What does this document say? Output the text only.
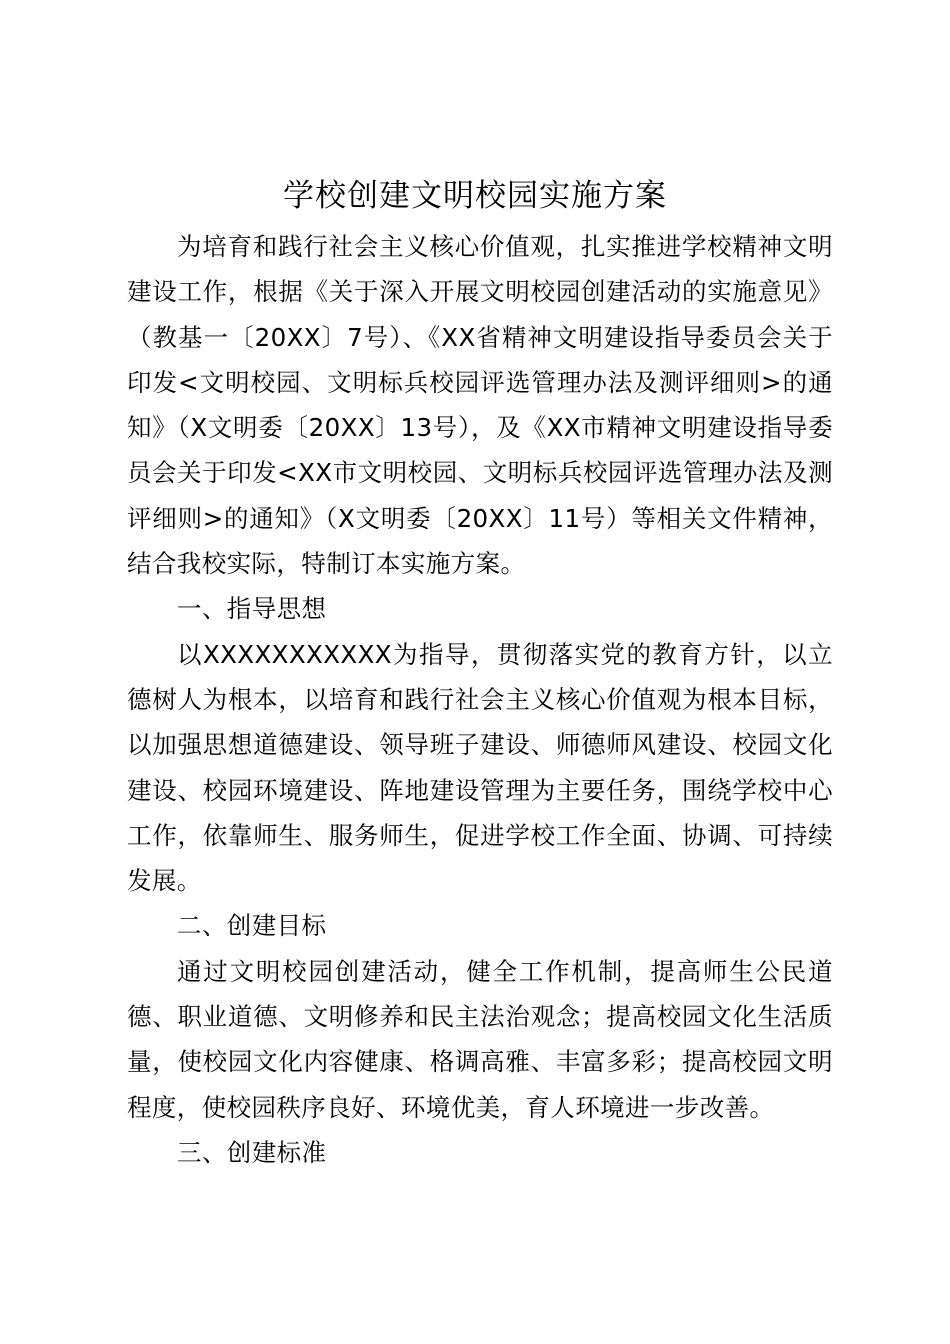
学校创建文明校园实施方案

为培育和践行社会主义核心价值观，扎实推进学校精神文明建设工作，根据《关于深入开展文明校园创建活动的实施意见》（教基一〔20XX〕7号）、《XX省精神文明建设指导委员会关于印发<文明校园、文明标兵校园评选管理办法及测评细则>的通知》（X文明委〔20XX〕13号），及《XX市精神文明建设指导委员会关于印发<XX市文明校园、文明标兵校园评选管理办法及测评细则>的通知》（X文明委〔20XX〕11号）等相关文件精神，结合我校实际，特制订本实施方案。

一、指导思想

以XXXXXXXXXXX为指导，贯彻落实党的教育方针，以立德树人为根本，以培育和践行社会主义核心价值观为根本目标，以加强思想道德建设、领导班子建设、师德师风建设、校园文化建设、校园环境建设、阵地建设管理为主要任务，围绕学校中心工作，依靠师生、服务师生，促进学校工作全面、协调、可持续发展。

二、创建目标

通过文明校园创建活动，健全工作机制，提高师生公民道德、职业道德、文明修养和民主法治观念；提高校园文化生活质量，使校园文化内容健康、格调高雅、丰富多彩；提高校园文明程度，使校园秩序良好、环境优美，育人环境进一步改善。

三、创建标准
